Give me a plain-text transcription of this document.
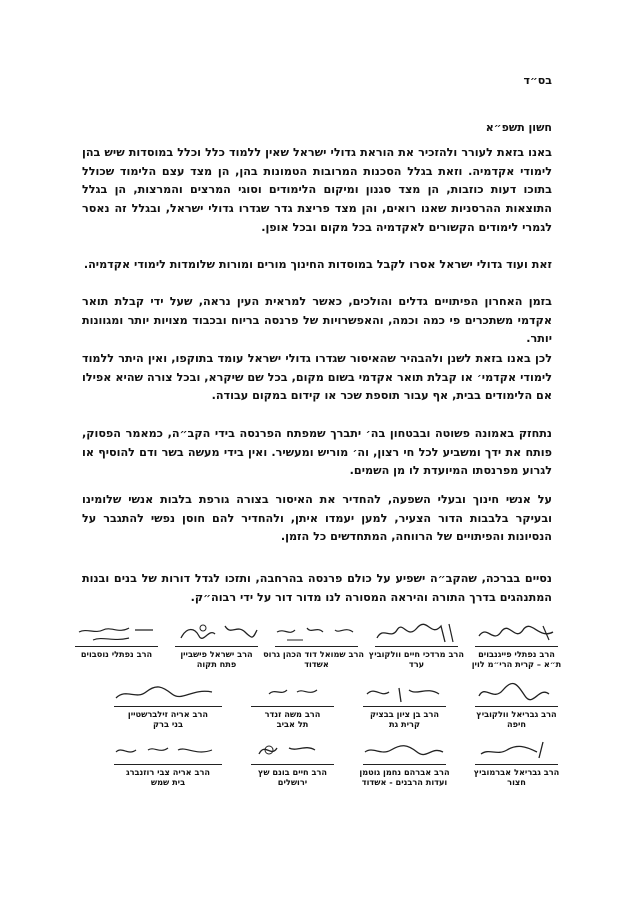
בס״ד
חשון תשפ״א

באנו בזאת לעורר ולהזכיר את הוראת גדולי ישראל שאין ללמוד כלל וכלל במוסדות שיש בהן לימודי אקדמיה. וזאת בגלל הסכנות המרובות הטמונות בהן, הן מצד עצם הלימוד שכולל בתוכו דעות כוזבות, הן מצד סגנון ומיקום הלימודים וסוגי המרצים והמרצות, הן בגלל התוצאות ההרסניות שאנו רואים, והן מצד פריצת גדר שגדרו גדולי ישראל, ובגלל זה נאסר לגמרי לימודים הקשורים לאקדמיה בכל מקום ובכל אופן.

זאת ועוד גדולי ישראל אסרו לקבל במוסדות החינוך מורים ומורות שלומדות לימודי אקדמיה.

בזמן האחרון הפיתויים גדלים והולכים, כאשר למראית העין נראה, שעל ידי קבלת תואר אקדמי משתכרים פי כמה וכמה, והאפשרויות של פרנסה בריוח ובכבוד מצויות יותר ומגוונות יותר.

לכן באנו בזאת לשנן ולהבהיר שהאיסור שגדרו גדולי ישראל עומד בתוקפו, ואין היתר ללמוד לימודי אקדמי׳ או קבלת תואר אקדמי בשום מקום, בכל שם שיקרא, ובכל צורה שהיא אפילו אם הלימודים בבית, אף עבור תוספת שכר או קידום במקום עבודה.

נתחזק באמונה פשוטה ובבטחון בה׳ יתברך שמפתח הפרנסה בידי הקב״ה, כמאמר הפסוק, פותח את ידך ומשביע לכל חי רצון, וה׳ מוריש ומעשיר. ואין בידי מעשה בשר ודם להוסיף או לגרוע מפרנסתו המיועדת לו מן השמים.

על אנשי חינוך ובעלי השפעה, להחדיר את האיסור בצורה גורפת בלבות אנשי שלומינו ובעיקר בלבבות הדור הצעיר, למען יעמדו איתן, ולהחדיר להם חוסן נפשי להתגבר על הנסיונות והפיתויים של הרווחה, המתחדשים כל הזמן.

נסיים בברכה, שהקב״ה ישפיע על כולם פרנסה בהרחבה, ותזכו לגדל דורות של בנים ובנות המתנהגים בדרך התורה והיראה המסורה לנו מדור דור על ידי רבוה״ק.

הרב נפתלי פייגנבוים
ת״א – קרית הרי״מ לוין
הרב מרדכי חיים וולקוביץ
ערד
הרב שמואל דוד הכהן גרוס
אשדוד
הרב ישראל פישביין
פתח תקוה
הרב נפתלי נוסבוים
הרב גבריאל וולקוביץ
חיפה
הרב בן ציון בבציק
קרית גת
הרב משה זנדר
תל אביב
הרב אריה זילברשטיין
בני ברק
הרב גבריאל אברמוביץ
חצור
הרב אברהם נחמן גוטמן
ועדות הרבנים - אשדוד
הרב חיים בונם שץ
ירושלים
הרב אריה צבי רוזנברג
בית שמש
